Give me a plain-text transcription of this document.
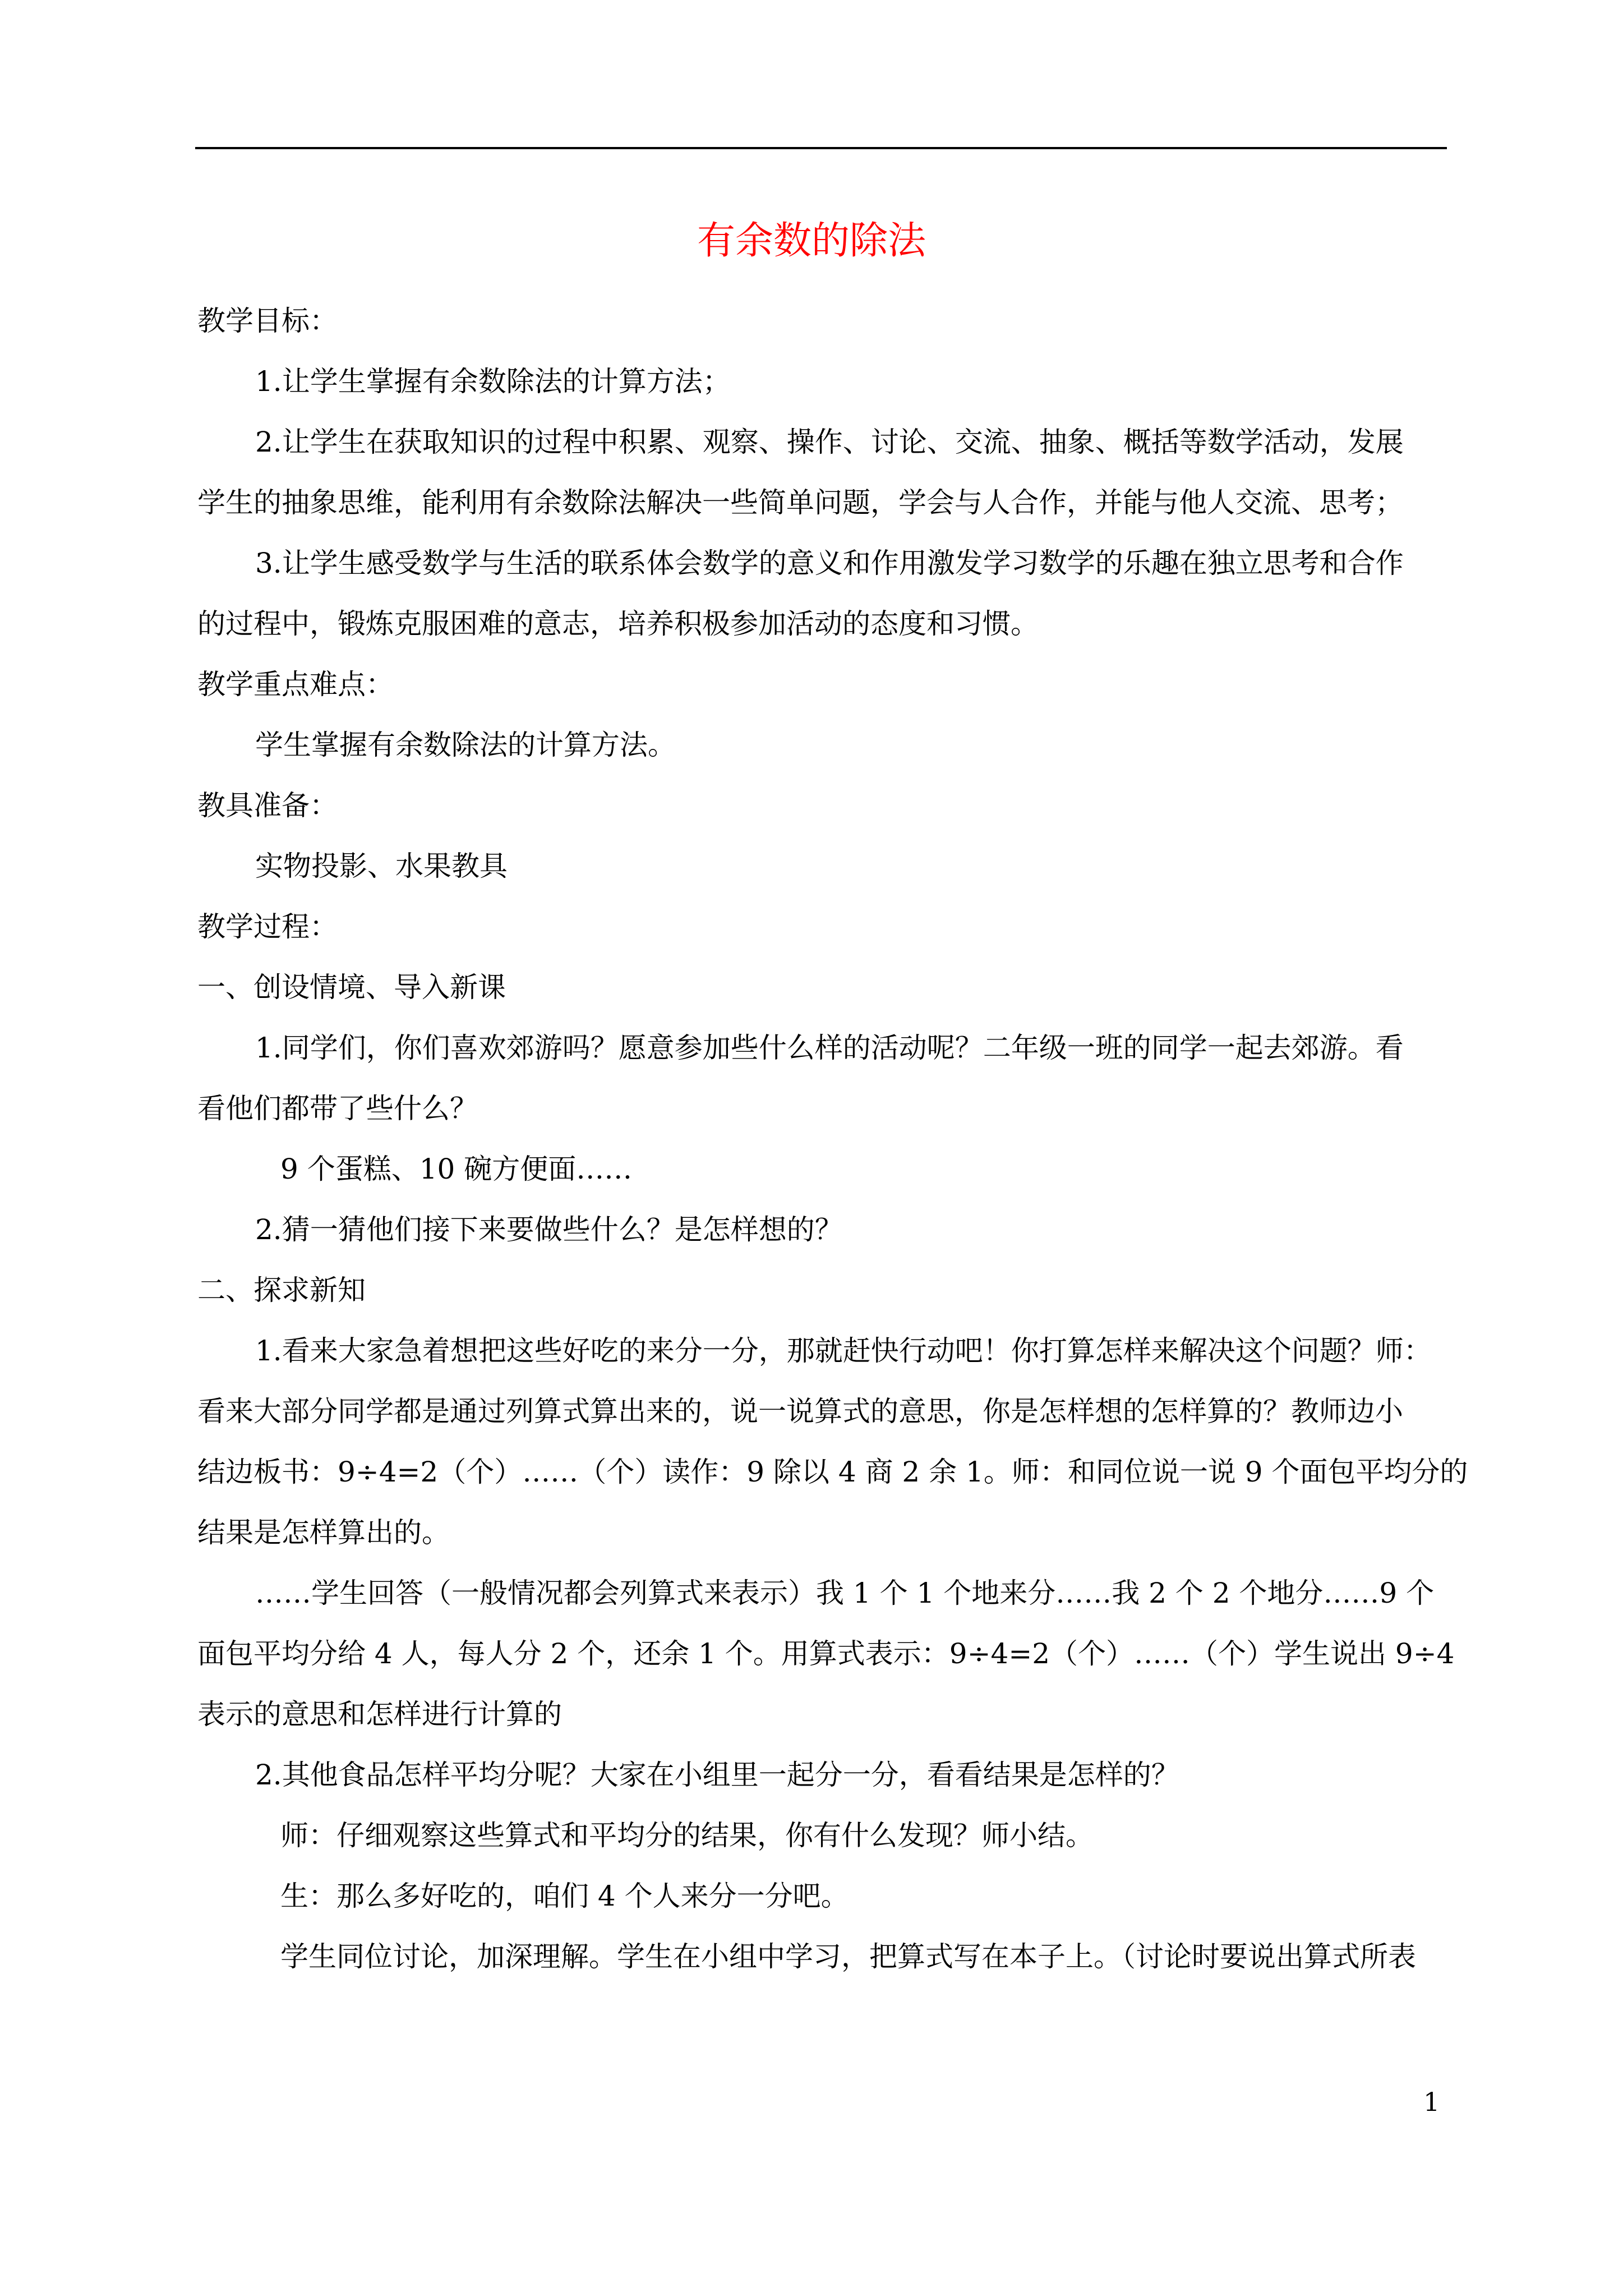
有余数的除法
教学目标：
1.让学生掌握有余数除法的计算方法；
2.让学生在获取知识的过程中积累、观察、操作、讨论、交流、抽象、概括等数学活动，发展
学生的抽象思维，能利用有余数除法解决一些简单问题，学会与人合作，并能与他人交流、思考；
3.让学生感受数学与生活的联系体会数学的意义和作用激发学习数学的乐趣在独立思考和合作
的过程中，锻炼克服困难的意志，培养积极参加活动的态度和习惯。
教学重点难点：
学生掌握有余数除法的计算方法。
教具准备：
实物投影、水果教具
教学过程：
一、创设情境、导入新课
1.同学们，你们喜欢郊游吗？愿意参加些什么样的活动呢？二年级一班的同学一起去郊游。看
看他们都带了些什么？
9 个蛋糕、10 碗方便面……
2.猜一猜他们接下来要做些什么？是怎样想的？
二、探求新知
1.看来大家急着想把这些好吃的来分一分，那就赶快行动吧！你打算怎样来解决这个问题？师：
看来大部分同学都是通过列算式算出来的，说一说算式的意思，你是怎样想的怎样算的？教师边小
结边板书：9÷4=2（个）……（个）读作：9 除以 4 商 2 余 1。师：和同位说一说 9 个面包平均分的
结果是怎样算出的。
……学生回答（一般情况都会列算式来表示）我 1 个 1 个地来分……我 2 个 2 个地分……9 个
面包平均分给 4 人，每人分 2 个，还余 1 个。用算式表示：9÷4=2（个）……（个）学生说出 9÷4
表示的意思和怎样进行计算的
2.其他食品怎样平均分呢？大家在小组里一起分一分，看看结果是怎样的？
师：仔细观察这些算式和平均分的结果，你有什么发现？师小结。
生：那么多好吃的，咱们 4 个人来分一分吧。
学生同位讨论，加深理解。学生在小组中学习，把算式写在本子上。（讨论时要说出算式所表
1
